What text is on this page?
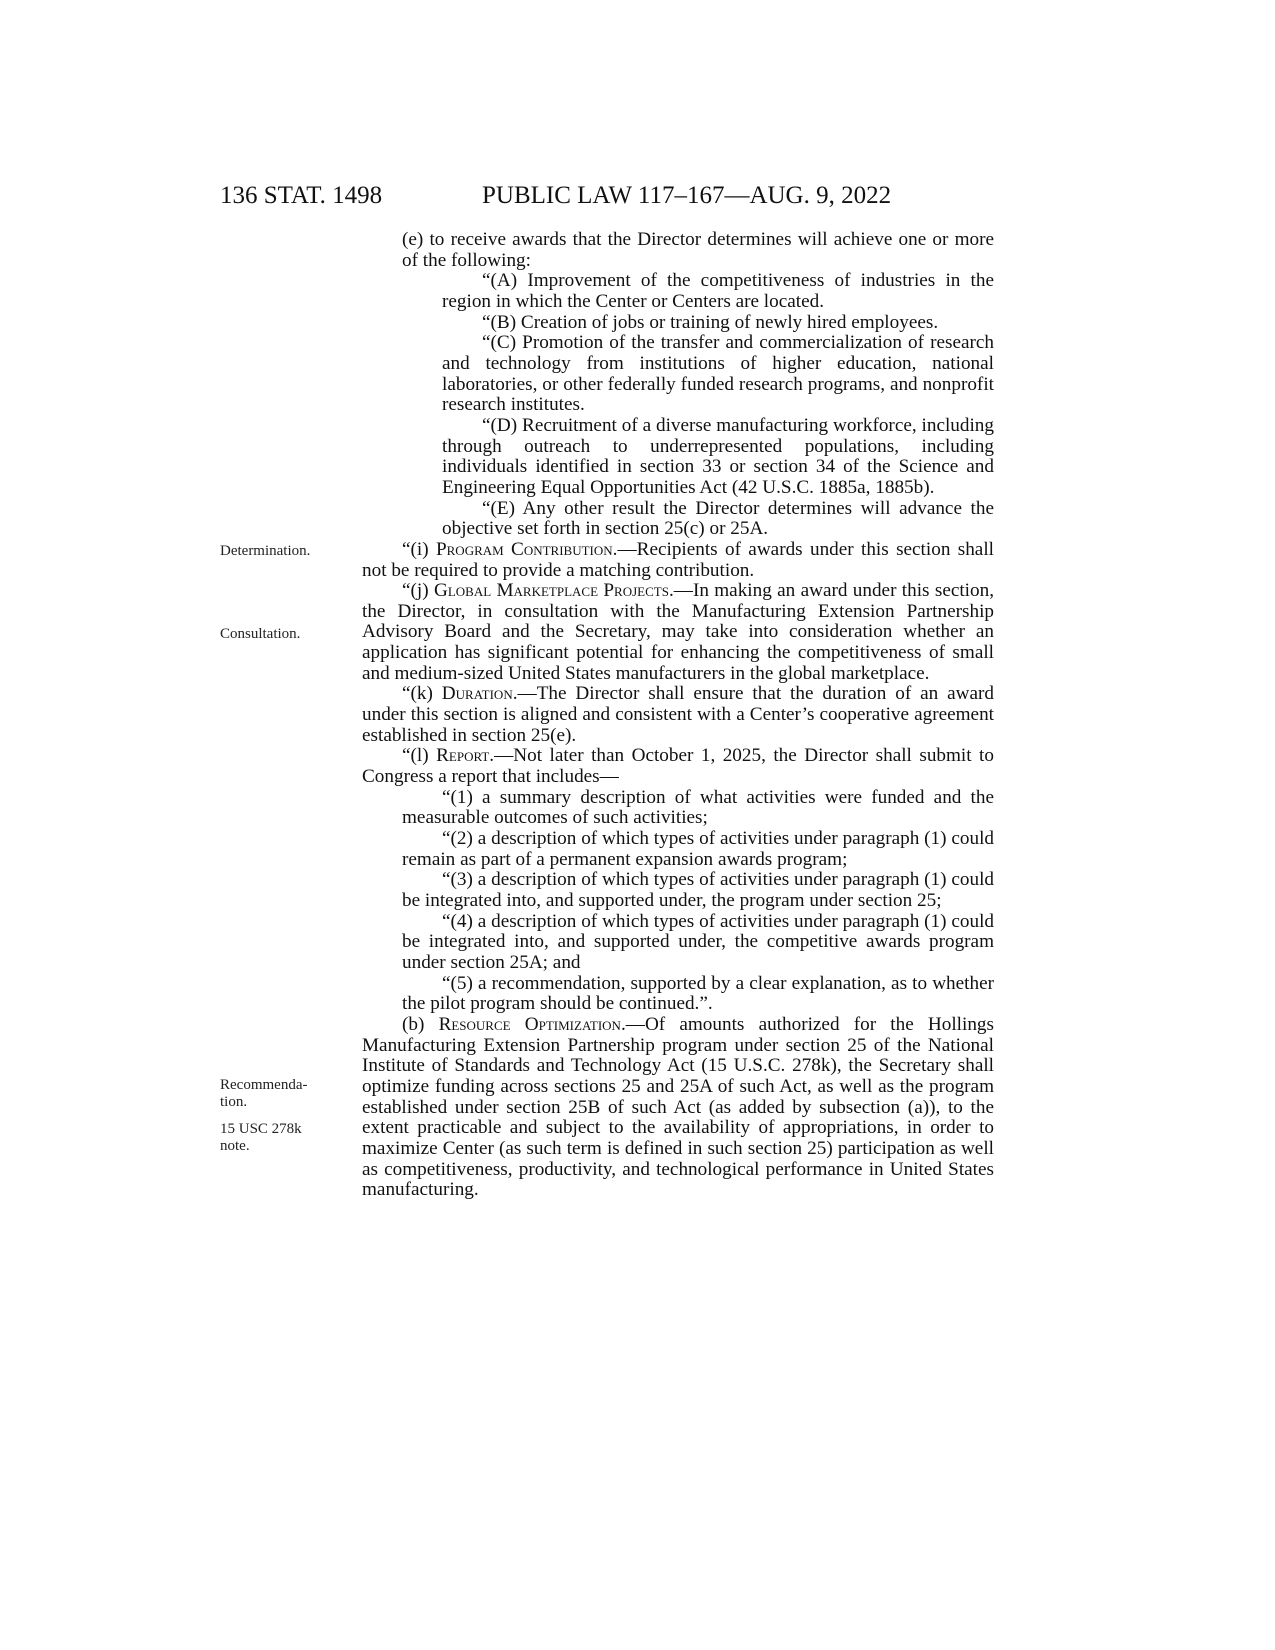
136 STAT. 1498	PUBLIC LAW 117–167—AUG. 9, 2022
Determination.
Consultation.
Recommenda-
tion.
15 USC 278k
note.

(e) to receive awards that the Director determines will achieve one or more of the following:

“(A) Improvement of the competitiveness of industries in the region in which the Center or Centers are located.

“(B) Creation of jobs or training of newly hired employees.

“(C) Promotion of the transfer and commercialization of research and technology from institutions of higher education, national laboratories, or other federally funded research programs, and nonprofit research institutes.

“(D) Recruitment of a diverse manufacturing workforce, including through outreach to underrepresented populations, including individuals identified in section 33 or section 34 of the Science and Engineering Equal Opportunities Act (42 U.S.C. 1885a, 1885b).

“(E) Any other result the Director determines will advance the objective set forth in section 25(c) or 25A.

“(i) Program Contribution.—Recipients of awards under this section shall not be required to provide a matching contribution.

“(j) Global Marketplace Projects.—In making an award under this section, the Director, in consultation with the Manufacturing Extension Partnership Advisory Board and the Secretary, may take into consideration whether an application has significant potential for enhancing the competitiveness of small and medium-sized United States manufacturers in the global marketplace.

“(k) Duration.—The Director shall ensure that the duration of an award under this section is aligned and consistent with a Center’s cooperative agreement established in section 25(e).

“(l) Report.—Not later than October 1, 2025, the Director shall submit to Congress a report that includes—

“(1) a summary description of what activities were funded and the measurable outcomes of such activities;

“(2) a description of which types of activities under paragraph (1) could remain as part of a permanent expansion awards program;

“(3) a description of which types of activities under paragraph (1) could be integrated into, and supported under, the program under section 25;

“(4) a description of which types of activities under paragraph (1) could be integrated into, and supported under, the competitive awards program under section 25A; and

“(5) a recommendation, supported by a clear explanation, as to whether the pilot program should be continued.”.

(b) Resource Optimization.—Of amounts authorized for the Hollings Manufacturing Extension Partnership program under section 25 of the National Institute of Standards and Technology Act (15 U.S.C. 278k), the Secretary shall optimize funding across sections 25 and 25A of such Act, as well as the program established under section 25B of such Act (as added by subsection (a)), to the extent practicable and subject to the availability of appropriations, in order to maximize Center (as such term is defined in such section 25) participation as well as competitiveness, productivity, and technological performance in United States manufacturing.
